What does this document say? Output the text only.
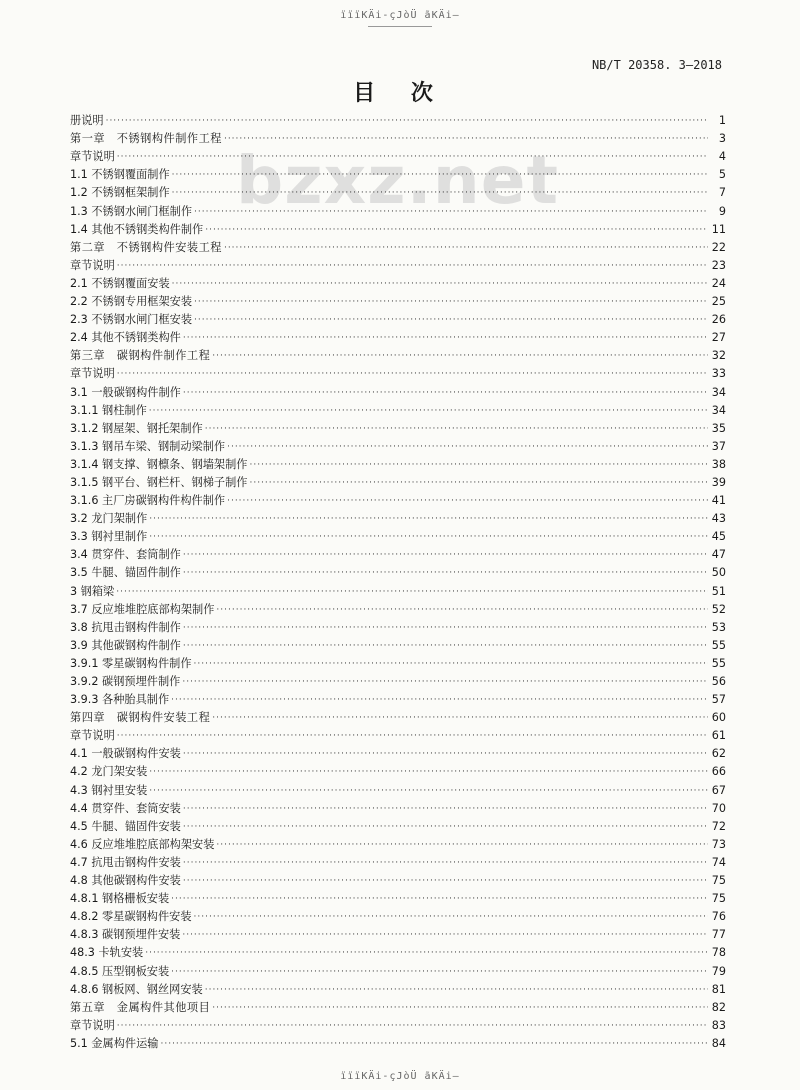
ïïïKÄi-çJòÜ ãKÄi—
NB/T 20358. 3—2018
目 次
bzxz.net
册说明 ·····	1
第一章　不锈钢构件制作工程 ·····	3
章节说明 ·····	4
1.1 不锈钢覆面制作 ·····	5
1.2 不锈钢框架制作 ·····	7
1.3 不锈钢水闸门框制作 ·····	9
1.4 其他不锈钢类构件制作 ·····	11
第二章　不锈钢构件安装工程 ·····	22
章节说明 ·····	23
2.1 不锈钢覆面安装 ·····	24
2.2 不锈钢专用框架安装 ·····	25
2.3 不锈钢水闸门框安装 ·····	26
2.4 其他不锈钢类构件 ·····	27
第三章　碳钢构件制作工程 ·····	32
章节说明 ·····	33
3.1 一般碳钢构件制作 ·····	34
3.1.1 钢柱制作 ·····	34
3.1.2 钢屋架、钢托架制作 ·····	35
3.1.3 钢吊车梁、钢制动梁制作 ·····	37
3.1.4 钢支撑、钢檩条、钢墙架制作 ·····	38
3.1.5 钢平台、钢栏杆、钢梯子制作 ·····	39
3.1.6 主厂房碳钢构件构件制作 ·····	41
3.2 龙门架制作 ·····	43
3.3 钢衬里制作 ·····	45
3.4 贯穿件、套筒制作 ·····	47
3.5 牛腿、锚固件制作 ·····	50
3 钢箱梁 ·····	51
3.7 反应堆堆腔底部构架制作 ·····	52
3.8 抗甩击钢构件制作 ·····	53
3.9 其他碳钢构件制作 ·····	55
3.9.1 零星碳钢构件制作 ·····	55
3.9.2 碳钢预埋件制作 ·····	56
3.9.3 各种胎具制作 ·····	57
第四章　碳钢构件安装工程 ·····	60
章节说明 ·····	61
4.1 一般碳钢构件安装 ·····	62
4.2 龙门架安装 ·····	66
4.3 钢衬里安装 ·····	67
4.4 贯穿件、套筒安装 ·····	70
4.5 牛腿、锚固件安装 ·····	72
4.6 反应堆堆腔底部构架安装 ·····	73
4.7 抗甩击钢构件安装 ·····	74
4.8 其他碳钢构件安装 ·····	75
4.8.1 钢格栅板安装 ·····	75
4.8.2 零星碳钢构件安装 ·····	76
4.8.3 碳钢预埋件安装 ·····	77
48.3 卡轨安装 ·····	78
4.8.5 压型钢板安装 ·····	79
4.8.6 钢板网、钢丝网安装 ·····	81
第五章　金属构件其他项目 ·····	82
章节说明 ·····	83
5.1 金属构件运输 ·····	84
ïïïKÄi-çJòÜ ãKÄi—
